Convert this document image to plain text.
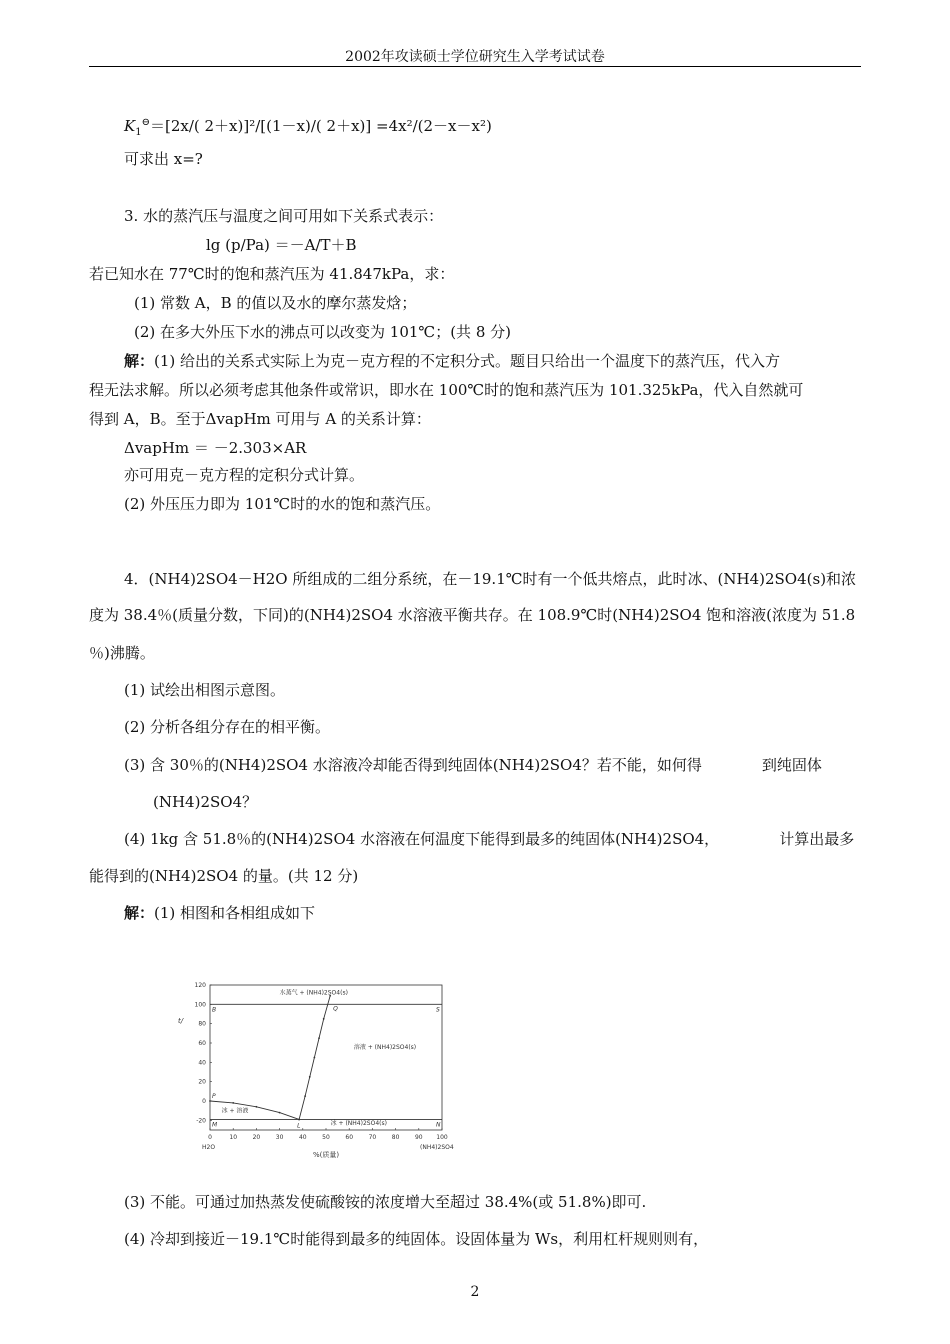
2002年攻读硕士学位研究生入学考试试卷

$K_1^⊖=[2x/$( 2＋x)]²/[(1－x)/( 2＋x)] =4x²/(2－x－x²)

可求出 x=?

3. 水的蒸汽压与温度之间可用如下关系式表示：

lg (p/Pa) ＝－A/T＋B

若已知水在 77℃时的饱和蒸汽压为 41.847kPa，求：

(1) 常数 A，B 的值以及水的摩尔蒸发焓；

(2) 在多大外压下水的沸点可以改变为 101℃；(共 8 分)

解：(1) 给出的关系式实际上为克－克方程的不定积分式。题目只给出一个温度下的蒸汽压，代入方

程无法求解。所以必须考虑其他条件或常识，即水在 100℃时的饱和蒸汽压为 101.325kPa，代入自然就可

得到 A，B。至于ΔvapHm 可用与 A 的关系计算：

ΔvapHm ＝ －2.303×AR

亦可用克－克方程的定积分式计算。

(2) 外压压力即为 101℃时的水的饱和蒸汽压。

4．(NH4)2SO4－H2O 所组成的二组分系统，在－19.1℃时有一个低共熔点，此时冰、(NH4)2SO4(s)和浓

度为 38.4％(质量分数，下同)的(NH4)2SO4 水溶液平衡共存。在 108.9℃时(NH4)2SO4 饱和溶液(浓度为 51.8

％)沸腾。

(1) 试绘出相图示意图。

(2) 分析各组分存在的相平衡。

(3) 含 30％的(NH4)2SO4 水溶液冷却能否得到纯固体(NH4)2SO4？若不能，如何得	到纯固体

(NH4)2SO4？

(4) 1kg 含 51.8％的(NH4)2SO4 水溶液在何温度下能得到最多的纯固体(NH4)2SO4，	计算出最多

能得到的(NH4)2SO4 的量。(共 12 分)

解：(1) 相图和各相组成如下

0	10	20	30	40	50	60	70	80	90 100
120
100
80
60
40
20
0
-20
t/
%(质量)
H2O	(NH4)2SO4
B	Q	S
P
M	L	N
水蒸气 + (NH4)2SO4(s)
溶液 + (NH4)2SO4(s)
冰 + 溶液
冰 + (NH4)2SO4(s)

(3) 不能。可通过加热蒸发使硫酸铵的浓度增大至超过 38.4%(或 51.8%)即可.

(4) 冷却到接近－19.1℃时能得到最多的纯固体。设固体量为 Ws，利用杠杆规则则有，

2
